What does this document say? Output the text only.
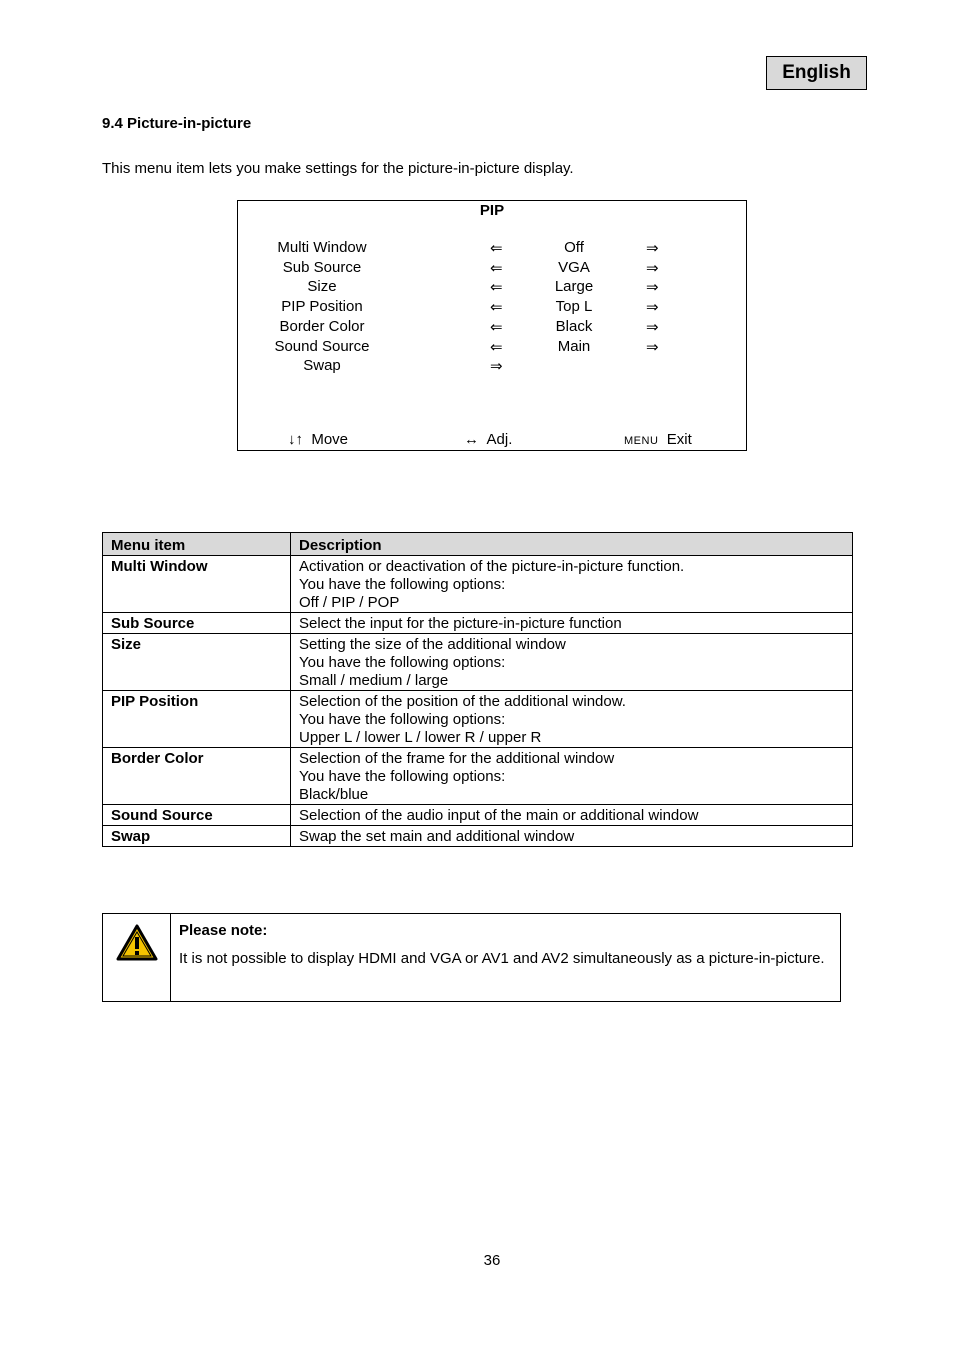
English
9.4 Picture-in-picture
This menu item lets you make settings for the picture-in-picture display.
PIP
Multi Window	⇐	Off	⇒
Sub Source	⇐	VGA	⇒
Size	⇐	Large	⇒
PIP Position	⇐	Top L	⇒
Border Color	⇐	Black	⇒
Sound Source	⇐	Main	⇒
Swap	⇒
↓↑ Move	↔ Adj.	MENU Exit
Menu item	Description
Multi Window	Activation or deactivation of the picture-in-picture function.
You have the following options:
Off / PIP / POP

Sub Source	Select the input for the picture-in-picture function

Size	Setting the size of the additional window
You have the following options:
Small / medium / large

PIP Position	Selection of the position of the additional window.
You have the following options:
Upper L / lower L / lower R / upper R

Border Color	Selection of the frame for the additional window
You have the following options:
Black/blue

Sound Source	Selection of the audio input of the main or additional window

Swap	Swap the set main and additional window
Please note:
It is not possible to display HDMI and VGA or AV1 and AV2 simultaneously as a picture-in-picture.
36
